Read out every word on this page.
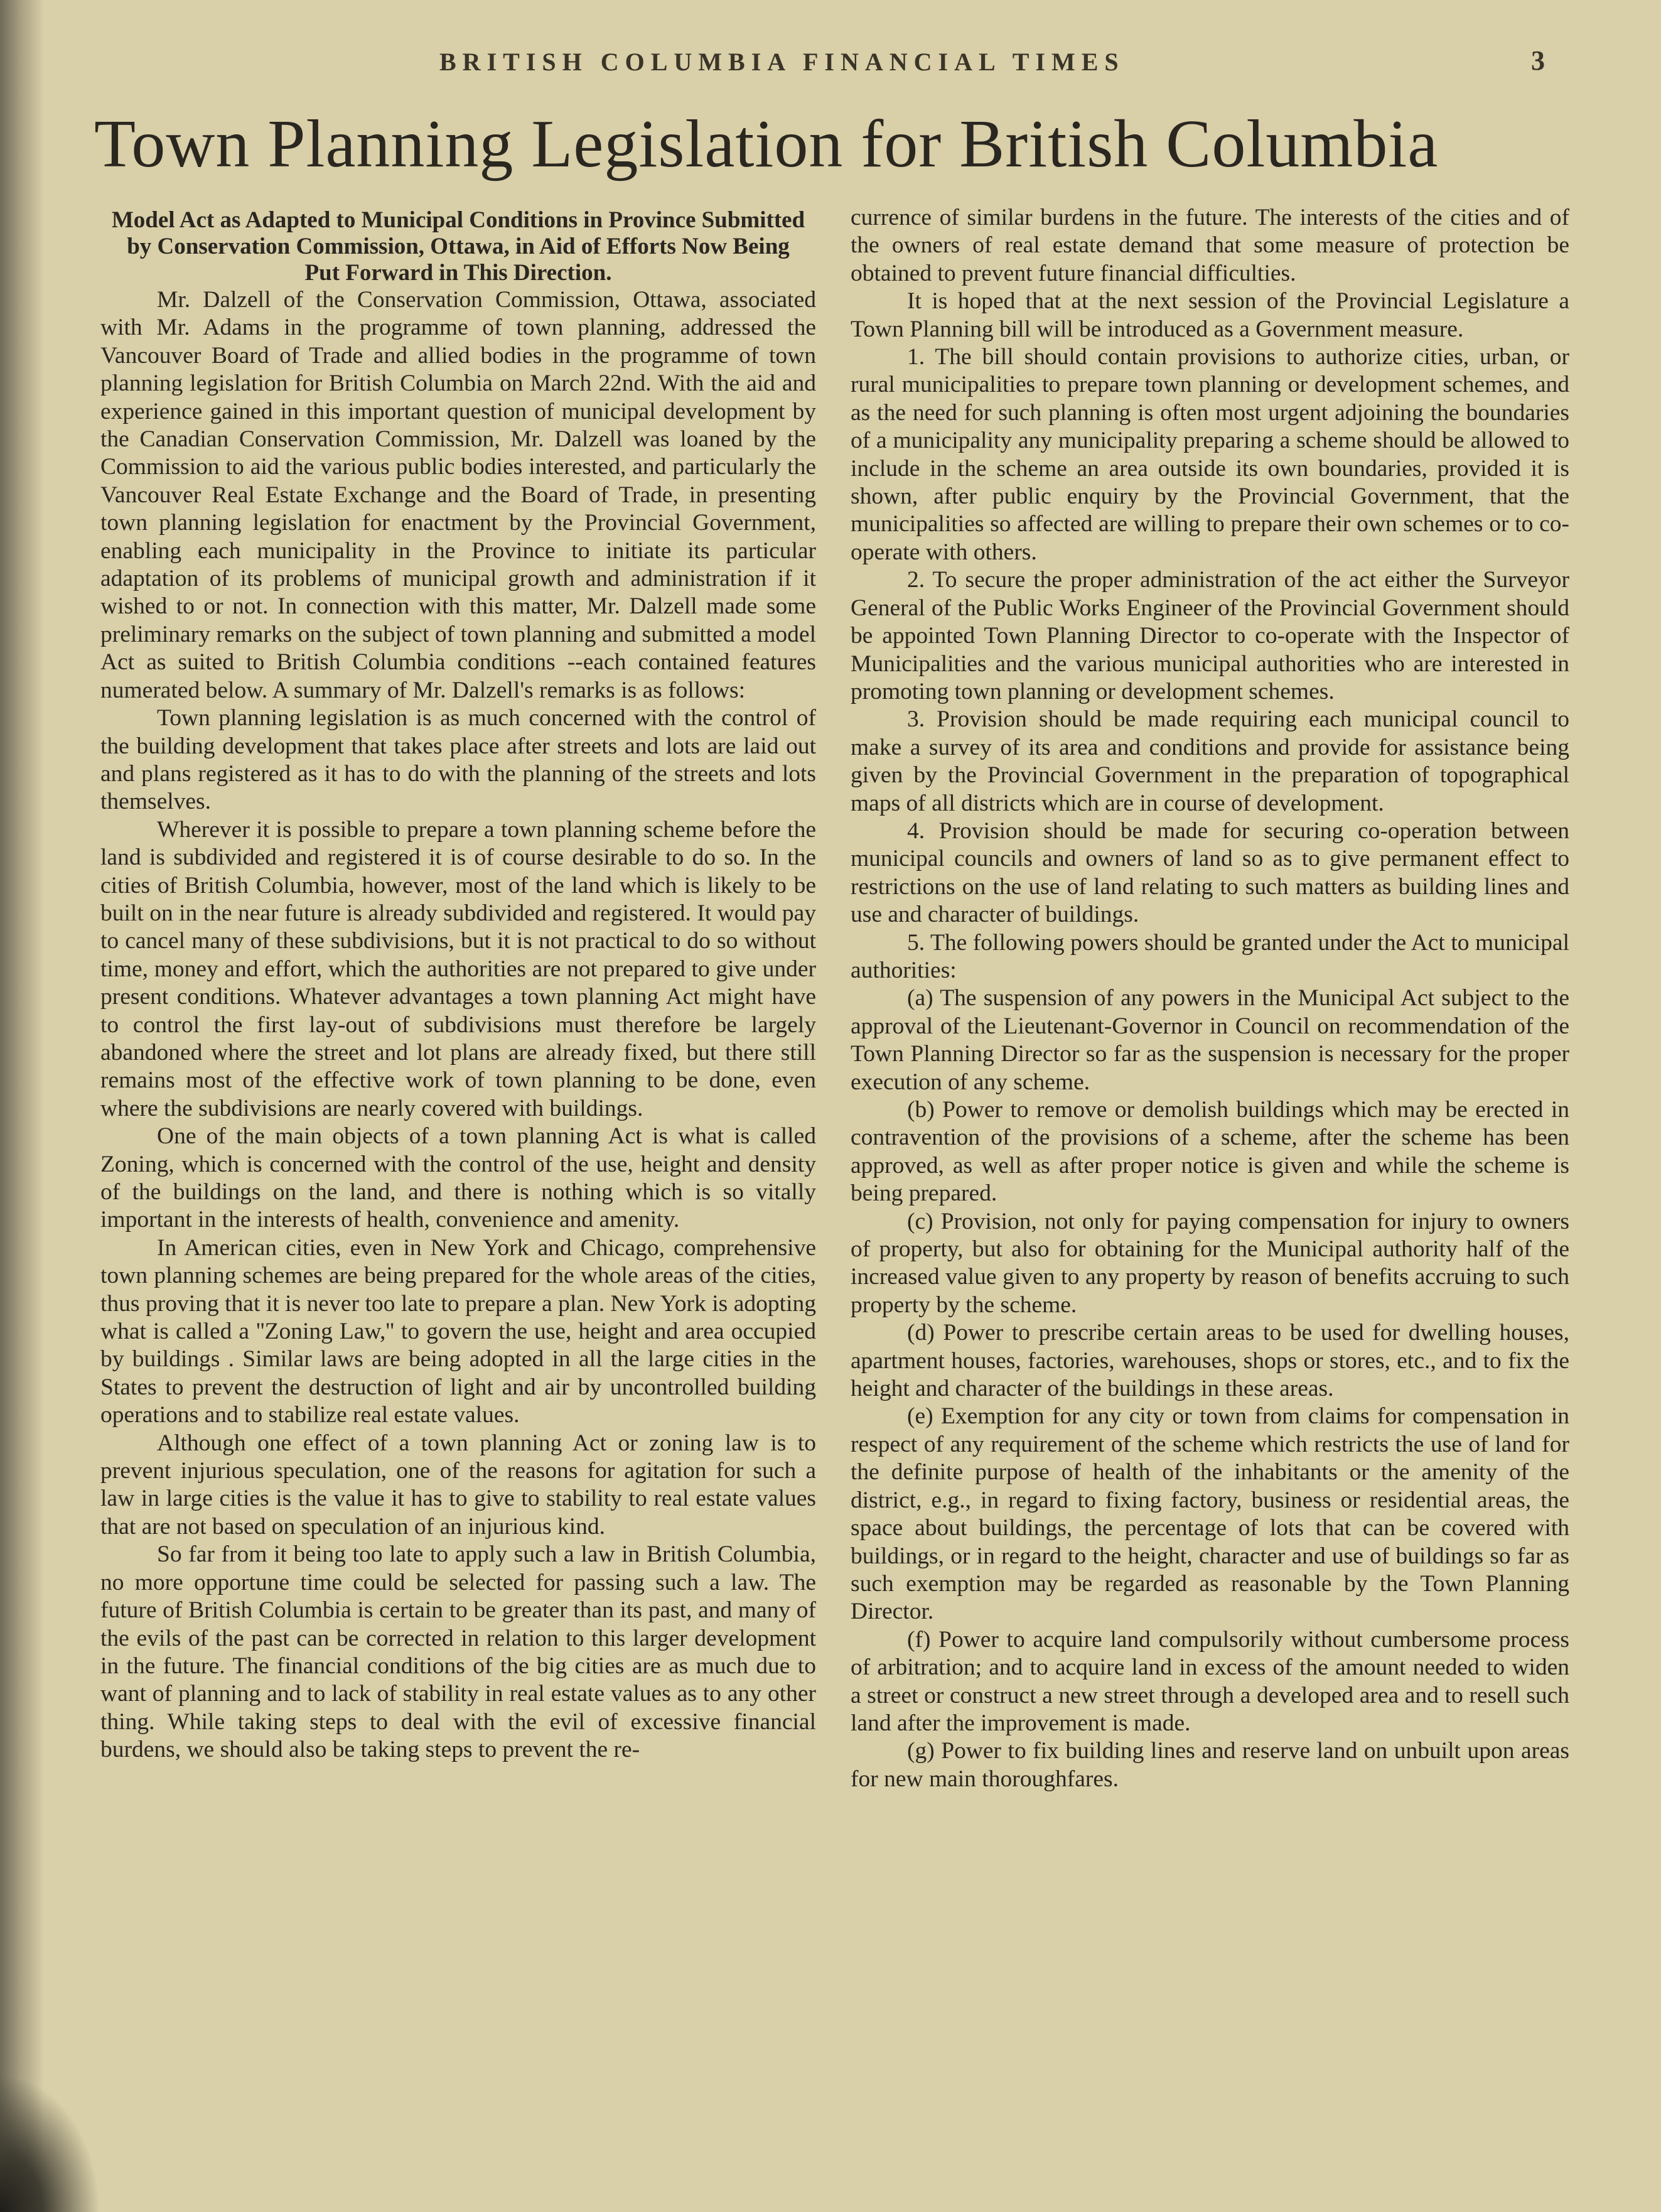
BRITISH COLUMBIA FINANCIAL TIMES	3
Town Planning Legislation for British Columbia

Model Act as Adapted to Municipal Conditions in Province Submitted by Conservation Commission, Ottawa, in Aid of Efforts Now Being Put Forward in This Direction.

Mr. Dalzell of the Conservation Commission, Ottawa, associated with Mr. Adams in the programme of town planning, addressed the Vancouver Board of Trade and allied bodies in the programme of town planning legislation for British Columbia on March 22nd. With the aid and experience gained in this important question of municipal development by the Canadian Conservation Commission, Mr. Dalzell was loaned by the Commission to aid the various public bodies interested, and particularly the Vancouver Real Estate Exchange and the Board of Trade, in presenting town planning legislation for enactment by the Provincial Government, enabling each municipality in the Province to initiate its particular adaptation of its problems of municipal growth and administration if it wished to or not. In connection with this matter, Mr. Dalzell made some preliminary remarks on the subject of town planning and submitted a model Act as suited to British Columbia conditions --each contained features numerated below. A summary of Mr. Dalzell's remarks is as follows:

Town planning legislation is as much concerned with the control of the building development that takes place after streets and lots are laid out and plans registered as it has to do with the planning of the streets and lots themselves.

Wherever it is possible to prepare a town planning scheme before the land is subdivided and registered it is of course desirable to do so. In the cities of British Columbia, however, most of the land which is likely to be built on in the near future is already subdivided and registered. It would pay to cancel many of these subdivisions, but it is not practical to do so without time, money and effort, which the authorities are not prepared to give under present conditions. Whatever advantages a town planning Act might have to control the first lay-out of subdivisions must therefore be largely abandoned where the street and lot plans are already fixed, but there still remains most of the effective work of town planning to be done, even where the subdivisions are nearly covered with buildings.

One of the main objects of a town planning Act is what is called Zoning, which is concerned with the control of the use, height and density of the buildings on the land, and there is nothing which is so vitally important in the interests of health, convenience and amenity.

In American cities, even in New York and Chicago, comprehensive town planning schemes are being prepared for the whole areas of the cities, thus proving that it is never too late to prepare a plan. New York is adopting what is called a ''Zoning Law,'' to govern the use, height and area occupied by buildings . Similar laws are being adopted in all the large cities in the States to prevent the destruction of light and air by uncontrolled building operations and to stabilize real estate values.

Although one effect of a town planning Act or zoning law is to prevent injurious speculation, one of the reasons for agitation for such a law in large cities is the value it has to give to stability to real estate values that are not based on speculation of an injurious kind.

So far from it being too late to apply such a law in British Columbia, no more opportune time could be selected for passing such a law. The future of British Columbia is certain to be greater than its past, and many of the evils of the past can be corrected in relation to this larger development in the future. The financial conditions of the big cities are as much due to want of planning and to lack of stability in real estate values as to any other thing. While taking steps to deal with the evil of excessive financial burdens, we should also be taking steps to prevent the re-

currence of similar burdens in the future. The interests of the cities and of the owners of real estate demand that some measure of protection be obtained to prevent future financial difficulties.

It is hoped that at the next session of the Provincial Legislature a Town Planning bill will be introduced as a Government measure.

1. The bill should contain provisions to authorize cities, urban, or rural municipalities to prepare town planning or development schemes, and as the need for such planning is often most urgent adjoining the boundaries of a municipality any municipality preparing a scheme should be allowed to include in the scheme an area outside its own boundaries, provided it is shown, after public enquiry by the Provincial Government, that the municipalities so affected are willing to prepare their own schemes or to co-operate with others.

2. To secure the proper administration of the act either the Surveyor General of the Public Works Engineer of the Provincial Government should be appointed Town Planning Director to co-operate with the Inspector of Municipalities and the various municipal authorities who are interested in promoting town planning or development schemes.

3. Provision should be made requiring each municipal council to make a survey of its area and conditions and provide for assistance being given by the Provincial Government in the preparation of topographical maps of all districts which are in course of development.

4. Provision should be made for securing co-operation between municipal councils and owners of land so as to give permanent effect to restrictions on the use of land relating to such matters as building lines and use and character of buildings.

5. The following powers should be granted under the Act to municipal authorities:

(a) The suspension of any powers in the Municipal Act subject to the approval of the Lieutenant-Governor in Council on recommendation of the Town Planning Director so far as the suspension is necessary for the proper execution of any scheme.

(b) Power to remove or demolish buildings which may be erected in contravention of the provisions of a scheme, after the scheme has been approved, as well as after proper notice is given and while the scheme is being prepared.

(c) Provision, not only for paying compensation for injury to owners of property, but also for obtaining for the Municipal authority half of the increased value given to any property by reason of benefits accruing to such property by the scheme.

(d) Power to prescribe certain areas to be used for dwelling houses, apartment houses, factories, warehouses, shops or stores, etc., and to fix the height and character of the buildings in these areas.

(e) Exemption for any city or town from claims for compensation in respect of any requirement of the scheme which restricts the use of land for the definite purpose of health of the inhabitants or the amenity of the district, e.g., in regard to fixing factory, business or residential areas, the space about buildings, the percentage of lots that can be covered with buildings, or in regard to the height, character and use of buildings so far as such exemption may be regarded as reasonable by the Town Planning Director.

(f) Power to acquire land compulsorily without cumbersome process of arbitration; and to acquire land in excess of the amount needed to widen a street or construct a new street through a developed area and to resell such land after the improvement is made.

(g) Power to fix building lines and reserve land on unbuilt upon areas for new main thoroughfares.
